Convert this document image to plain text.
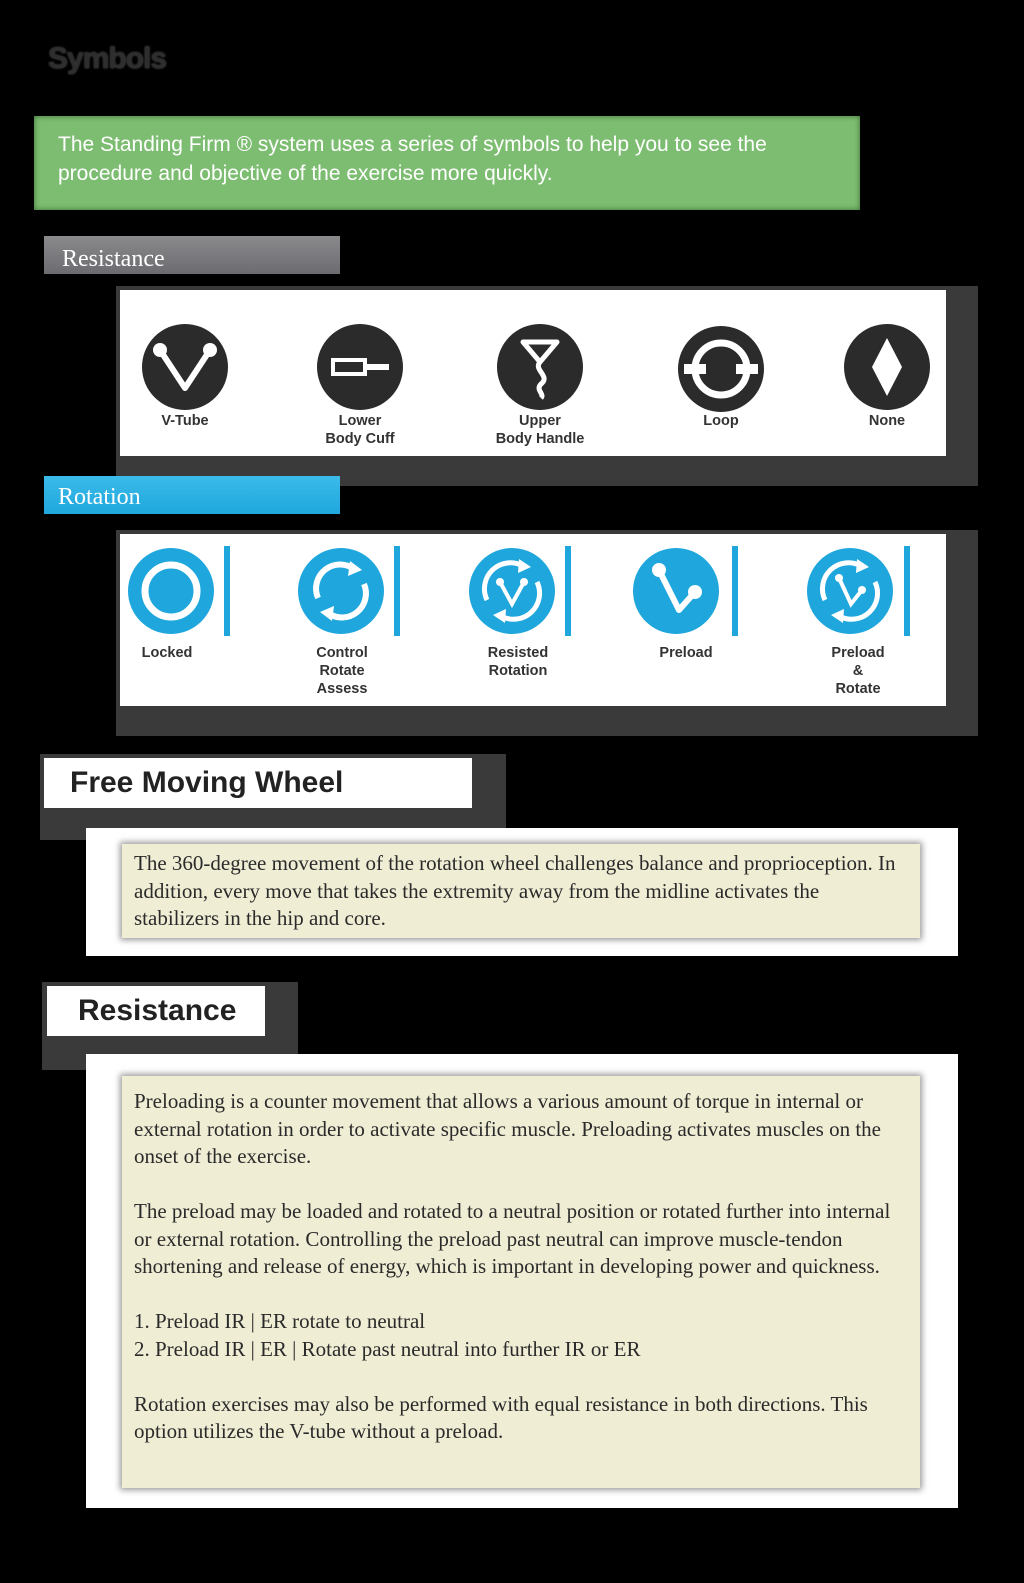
Symbols
The Standing Firm ® system uses a series of symbols to help you to see the procedure and objective of the exercise more quickly.
Resistance
V-Tube	Lower
Body Cuff
Upper
Body Handle
Loop	None
Rotation
Locked	Control
Rotate
Assess
Resisted
Rotation
Preload	Preload
&
Rotate
Free Moving Wheel

The 360-degree movement of the rotation wheel challenges balance and proprioception. In addition, every move that takes the extremity away from the midline activates the stabilizers in the hip and core.

Resistance

Preloading is a counter movement that allows a various amount of torque in internal or external rotation in order to activate specific muscle. Preloading activates muscles on the onset of the exercise.

The preload may be loaded and rotated to a neutral position or rotated further into internal or external rotation. Controlling the preload past neutral can improve muscle-tendon shortening and release of energy, which is important in developing power and quickness.

1. Preload IR | ER rotate to neutral

2. Preload IR | ER | Rotate past neutral into further IR or ER

Rotation exercises may also be performed with equal resistance in both directions. This option utilizes the V-tube without a preload.
